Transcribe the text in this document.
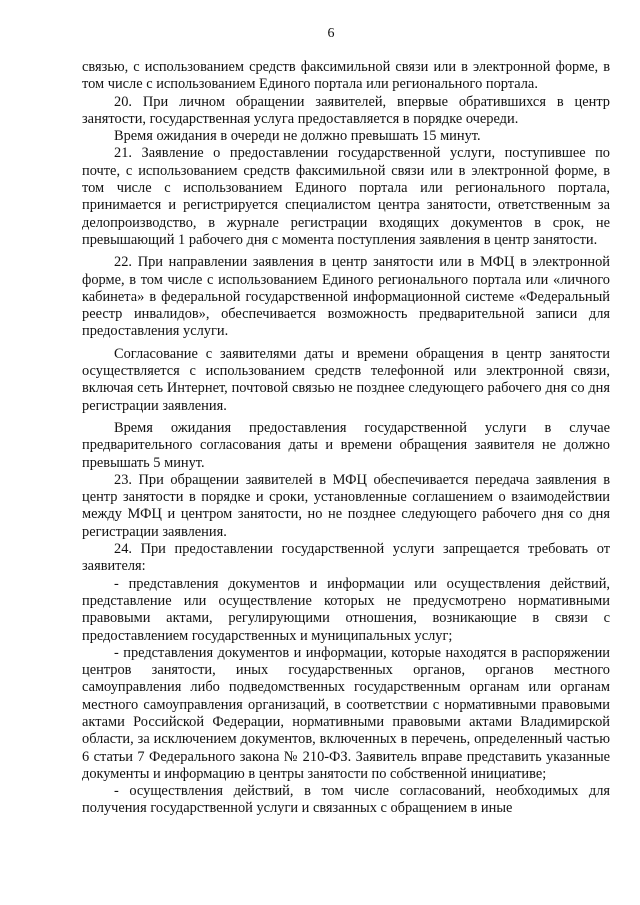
6

связью, с использованием средств факсимильной связи или в электронной форме, в том числе с использованием Единого портала или регионального портала.

20. При личном обращении заявителей, впервые обратившихся в центр занятости, государственная услуга предоставляется в порядке очереди.

Время ожидания в очереди не должно превышать 15 минут.

21. Заявление о предоставлении государственной услуги, поступившее по почте, с использованием средств факсимильной связи или в электронной форме, в том числе с использованием Единого портала или регионального портала, принимается и регистрируется специалистом центра занятости, ответственным за делопроизводство, в журнале регистрации входящих документов в срок, не превышающий 1 рабочего дня с момента поступления заявления в центр занятости.

22. При направлении заявления в центр занятости или в МФЦ в электронной форме, в том числе с использованием Единого регионального портала или «личного кабинета» в федеральной государственной информационной системе «Федеральный реестр инвалидов», обеспечивается возможность предварительной записи для предоставления услуги.

Согласование с заявителями даты и времени обращения в центр занятости осуществляется с использованием средств телефонной или электронной связи, включая сеть Интернет, почтовой связью не позднее следующего рабочего дня со дня регистрации заявления.

Время ожидания предоставления государственной услуги в случае предварительного согласования даты и времени обращения заявителя не должно превышать 5 минут.

23. При обращении заявителей в МФЦ обеспечивается передача заявления в центр занятости в порядке и сроки, установленные соглашением о взаимодействии между МФЦ и центром занятости, но не позднее следующего рабочего дня со дня регистрации заявления.

24. При предоставлении государственной услуги запрещается требовать от заявителя:

- представления документов и информации или осуществления действий, представление или осуществление которых не предусмотрено нормативными правовыми актами, регулирующими отношения, возникающие в связи с предоставлением государственных и муниципальных услуг;

- представления документов и информации, которые находятся в распоряжении центров занятости, иных государственных органов, органов местного самоуправления либо подведомственных государственным органам или органам местного самоуправления организаций, в соответствии с нормативными правовыми актами Российской Федерации, нормативными правовыми актами Владимирской области, за исключением документов, включенных в перечень, определенный частью 6 статьи 7 Федерального закона № 210-ФЗ. Заявитель вправе представить указанные документы и информацию в центры занятости по собственной инициативе;

- осуществления действий, в том числе согласований, необходимых для получения государственной услуги и связанных с обращением в иные
